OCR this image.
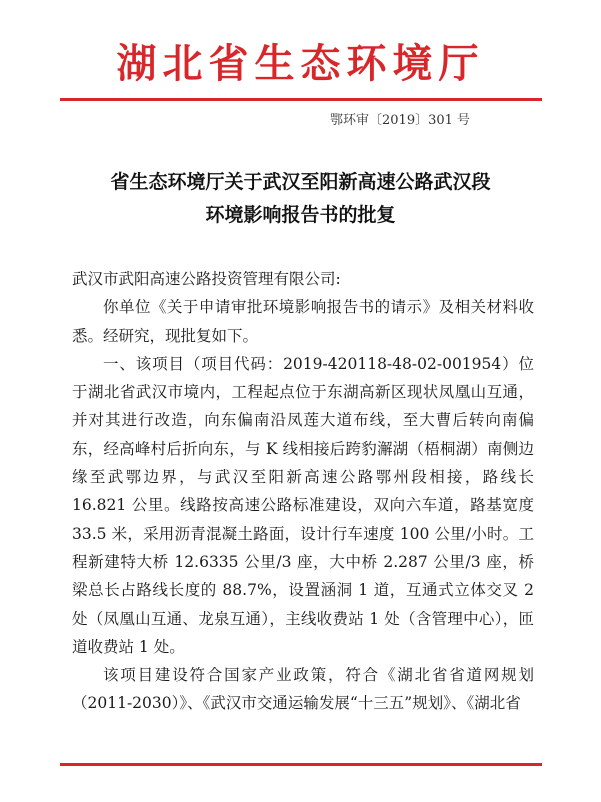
湖北省生态环境厅
鄂环审〔2019〕301 号
省生态环境厅关于武汉至阳新高速公路武汉段
环境影响报告书的批复

武汉市武阳高速公路投资管理有限公司:

你单位《关于申请审批环境影响报告书的请示》及相关材料收悉。经研究，现批复如下。

一、该项目（项目代码：2019-420118-48-02-001954）位于湖北省武汉市境内，工程起点位于东湖高新区现状凤凰山互通，并对其进行改造，向东偏南沿凤莲大道布线，至大曹后转向南偏东，经高峰村后折向东，与 K 线相接后跨豹澥湖（梧桐湖）南侧边缘至武鄂边界，与武汉至阳新高速公路鄂州段相接，路线长 16.821 公里。线路按高速公路标准建设，双向六车道，路基宽度 33.5 米，采用沥青混凝土路面，设计行车速度 100 公里/小时。工程新建特大桥 12.6335 公里/3 座，大中桥 2.287 公里/3 座，桥梁总长占路线长度的 88.7%，设置涵洞 1 道，互通式立体交叉 2 处（凤凰山互通、龙泉互通），主线收费站 1 处（含管理中心），匝道收费站 1 处。

该项目建设符合国家产业政策，符合《湖北省省道网规划（2011-2030）》、《武汉市交通运输发展“十三五”规划》、《湖北省
